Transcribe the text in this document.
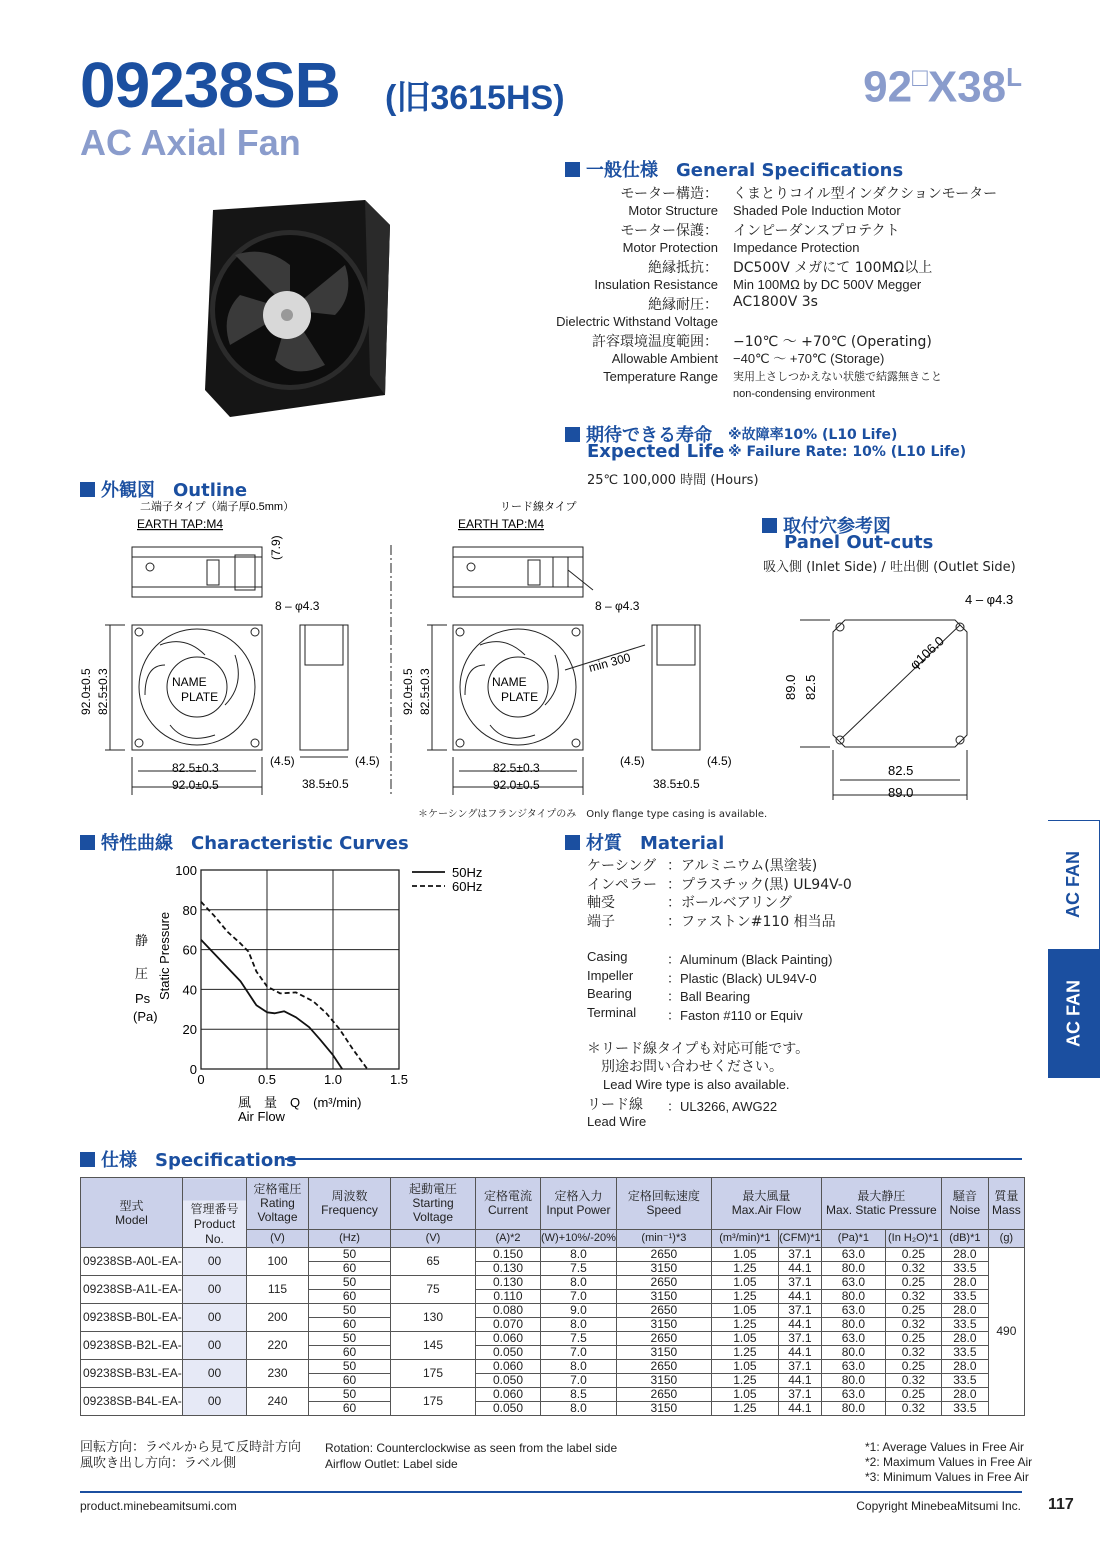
09238SB (旧3615HS)	$92^□X38^L$
AC Axial Fan
一般仕様　 General Specifications
モーター構造： くまとりコイル型インダクションモーター
Motor Structure Shaded Pole Induction Motor
モーター保護： インピーダンスプロテクト
Motor Protection Impedance Protection
絶縁抵抗： DC500V メガにて 100MΩ以上
Insulation Resistance Min 100MΩ by DC 500V Megger
絶縁耐圧： AC1800V 3s
Dielectric Withstand Voltage
許容環境温度範囲： −10℃ ～ +70℃ (Operating)
Allowable Ambient −40℃ ～ +70℃ (Storage)
Temperature Range 実用上さしつかえない状態で結露無きこと
non-condensing environment
期待できる寿命
Expected Life
※故障率10% (L10 Life)
※ Failure Rate: 10% (L10 Life)
25℃ 100,000 時間 (Hours)
外観図　 Outline
二端子タイプ（端子厚0.5mm）	リード線タイプ
EARTH TAP:M4	EARTH TAP:M4
(7.9)
8 – φ4.3	8 – φ4.3
92.0±0.5 82.5±0.3	92.0±0.5 82.5±0.3
NAME
PLATE
NAME
PLATE
82.5±0.3
92.0±0.5
82.5±0.3
92.0±0.5
(4.5)	(4.5)	(4.5)	(4.5)
38.5±0.5	38.5±0.5
min 300
＊ケーシングはフランジタイプのみ　 Only flange type casing is available.
取付穴参考図
Panel Out-cuts
吸入側 (Inlet Side) / 吐出側 (Outlet Side)
4 – φ4.3
φ106.0
89.0 82.5
82.5
89.0
特性曲線　 Characteristic Curves
0
20
40
60
80
100
0	0.5	1.0	1.5
50Hz
60Hz
Static Pressure
静
圧
Ps
(Pa)
風　量　Q　(m³/min)
Air Flow
材質　 Material
＊リード線タイプも対応可能です。
別途お問い合わせください。
Lead Wire type is also available.
リード線 ：UL3266, AWG22
Lead Wire
ケーシング ：アルミニウム(黒塗装)
インペラー ：プラスチック(黒) UL94V-0
軸受	：ボールベアリング
端子	：ファストン#110 相当品
Casing	：Aluminum (Black Painting)
Impeller	：Plastic (Black) UL94V-0
Bearing	：Ball Bearing
Terminal ：Faston #110 or Equiv
AC FAN
AC FAN
仕様　 Specifications
型式
Model	管理番号
Product No.	定格電圧
Rating
Voltage	周波数
Frequency	起動電圧
Starting Voltage	定格電流
Current	定格入力
Input Power	定格回転速度
Speed	最大風量
Max.Air Flow		最大静圧
Max. Static Pressure		騒音
Noise	質量
Mass
		(V)	(Hz)	(V)	(A)*2	(W)+10%/-20%	(min⁻¹)*3	(m³/min)*1	(CFM)*1	(Pa)*1	(In H₂O)*1	(dB)*1	(g)
09238SB-A0L-EA-	00	100	50	65	0.150	8.0	2650	1.05	37.1	63.0	0.25	28.0	490
			60		0.130	7.5	3150	1.25	44.1	80.0	0.32	33.5	
09238SB-A1L-EA-	00	115	50	75	0.130	8.0	2650	1.05	37.1	63.0	0.25	28.0	
			60		0.110	7.0	3150	1.25	44.1	80.0	0.32	33.5	
09238SB-B0L-EA-	00	200	50	130	0.080	9.0	2650	1.05	37.1	63.0	0.25	28.0	
			60		0.070	8.0	3150	1.25	44.1	80.0	0.32	33.5	
09238SB-B2L-EA-	00	220	50	145	0.060	7.5	2650	1.05	37.1	63.0	0.25	28.0	
			60		0.050	7.0	3150	1.25	44.1	80.0	0.32	33.5	
09238SB-B3L-EA-	00	230	50	175	0.060	8.0	2650	1.05	37.1	63.0	0.25	28.0	
			60		0.050	7.0	3150	1.25	44.1	80.0	0.32	33.5	
09238SB-B4L-EA-	00	240	50	175	0.060	8.5	2650	1.05	37.1	63.0	0.25	28.0	
			60		0.050	8.0	3150	1.25	44.1	80.0	0.32	33.5	
回転方向：ラベルから見て反時計方向
風吹き出し方向：ラベル側
Rotation: Counterclockwise as seen from the label side
Airflow Outlet: Label side
*1: Average Values in Free Air
*2: Maximum Values in Free Air
*3: Minimum Values in Free Air
product.minebeamitsumi.com	Copyright MinebeaMitsumi Inc. 117
